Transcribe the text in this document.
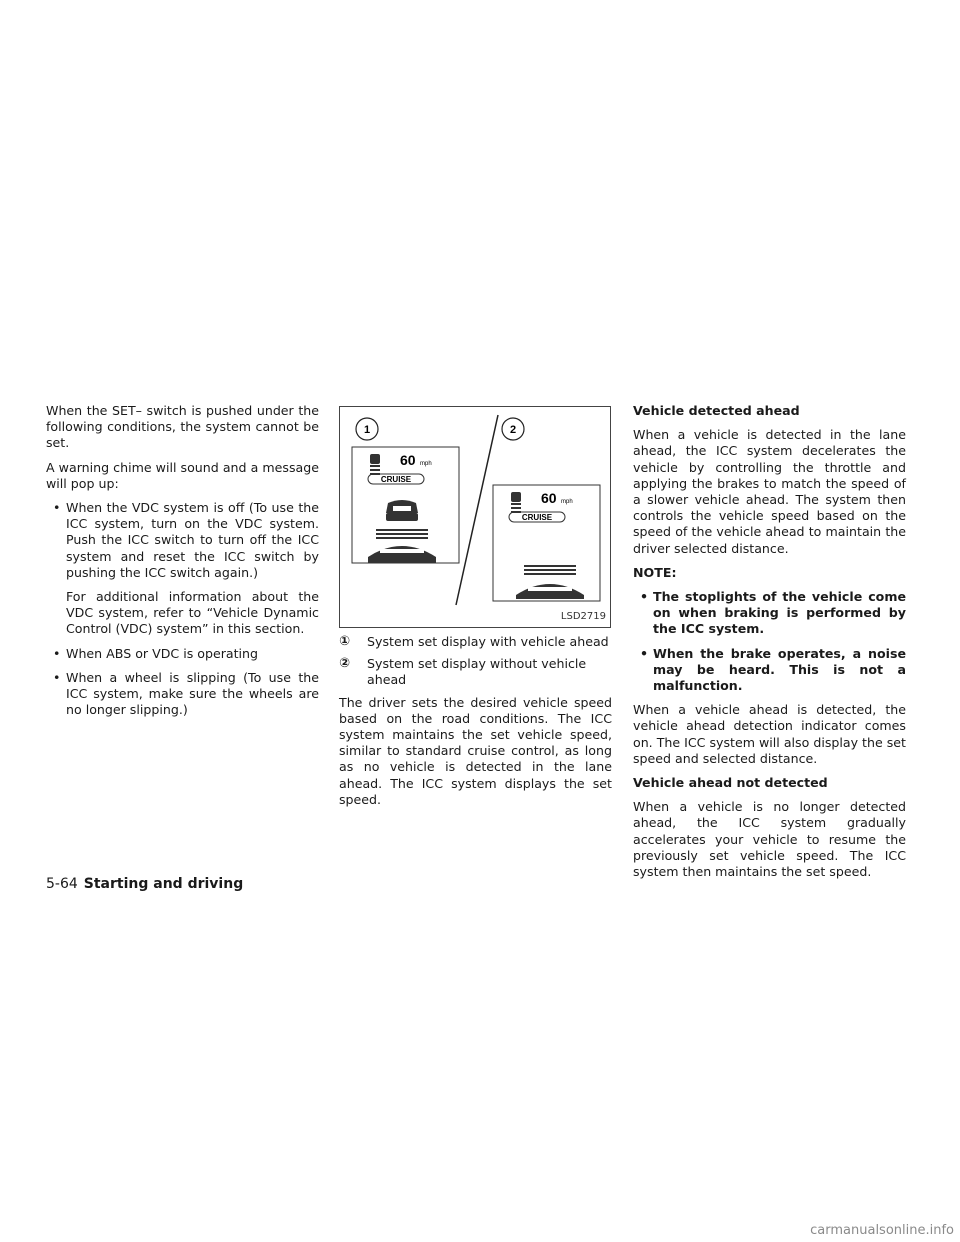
When the SET– switch is pushed under the following conditions, the system cannot be set.

A warning chime will sound and a message will pop up:

• When the VDC system is off (To use the ICC system, turn on the VDC system. Push the ICC switch to turn off the ICC system and reset the ICC switch by pushing the ICC switch again.)
For additional information about the VDC system, refer to “Vehicle Dynamic Control (VDC) system” in this section.
• When ABS or VDC is operating
• When a wheel is slipping (To use the ICC system, make sure the wheels are no longer slipping.)
1	2
60 mph
CRUISE
60 mph
CRUISE
LSD2719
① System set display with vehicle ahead
② System set display without vehicle ahead

The driver sets the desired vehicle speed based on the road conditions. The ICC system maintains the set vehicle speed, similar to standard cruise control, as long as no vehicle is detected in the lane ahead. The ICC system displays the set speed.

Vehicle detected ahead

When a vehicle is detected in the lane ahead, the ICC system decelerates the vehicle by controlling the throttle and applying the brakes to match the speed of a slower vehicle ahead. The system then controls the vehicle speed based on the speed of the vehicle ahead to maintain the driver selected distance.

NOTE:
• The stoplights of the vehicle come on when braking is performed by the ICC system.
• When the brake operates, a noise may be heard. This is not a malfunction.

When a vehicle ahead is detected, the vehicle ahead detection indicator comes on. The ICC system will also display the set speed and selected distance.

Vehicle ahead not detected

When a vehicle is no longer detected ahead, the ICC system gradually accelerates your vehicle to resume the previously set vehicle speed. The ICC system then maintains the set speed.

5-64 Starting and driving
carmanualsonline.info
